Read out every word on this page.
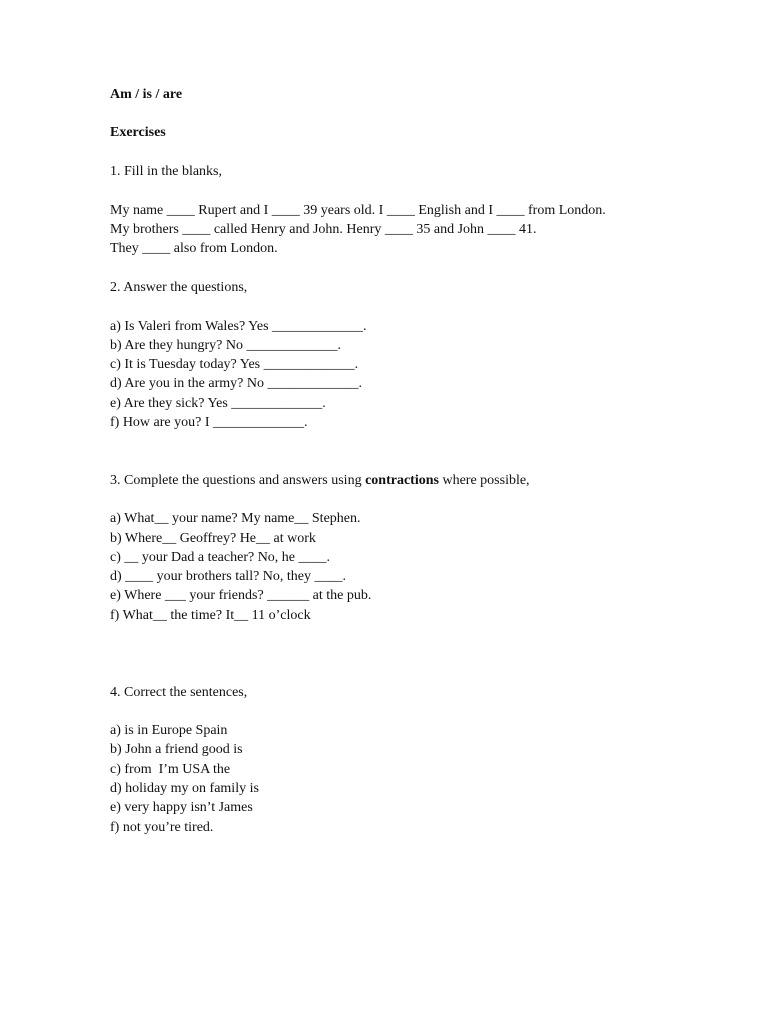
Am / is / are

Exercises

1. Fill in the blanks,

My name ____ Rupert and I ____ 39 years old. I ____ English and I ____ from London.

My brothers ____ called Henry and John. Henry ____ 35 and John ____ 41.

They ____ also from London.

2. Answer the questions,

a) Is Valeri from Wales? Yes _____________.

b) Are they hungry? No _____________.

c) It is Tuesday today? Yes _____________.

d) Are you in the army? No _____________.

e) Are they sick? Yes _____________.

f) How are you? I _____________.

3. Complete the questions and answers using contractions where possible,

a) What__ your name? My name__ Stephen.

b) Where__ Geoffrey? He__ at work

c) __ your Dad a teacher? No, he ____.

d) ____ your brothers tall? No, they ____.

e) Where ___ your friends? ______ at the pub.

f) What__ the time? It__ 11 o’clock

4. Correct the sentences,

a) is in Europe Spain

b) John a friend good is

c) from  I’m USA the

d) holiday my on family is

e) very happy isn’t James

f) not you’re tired.
